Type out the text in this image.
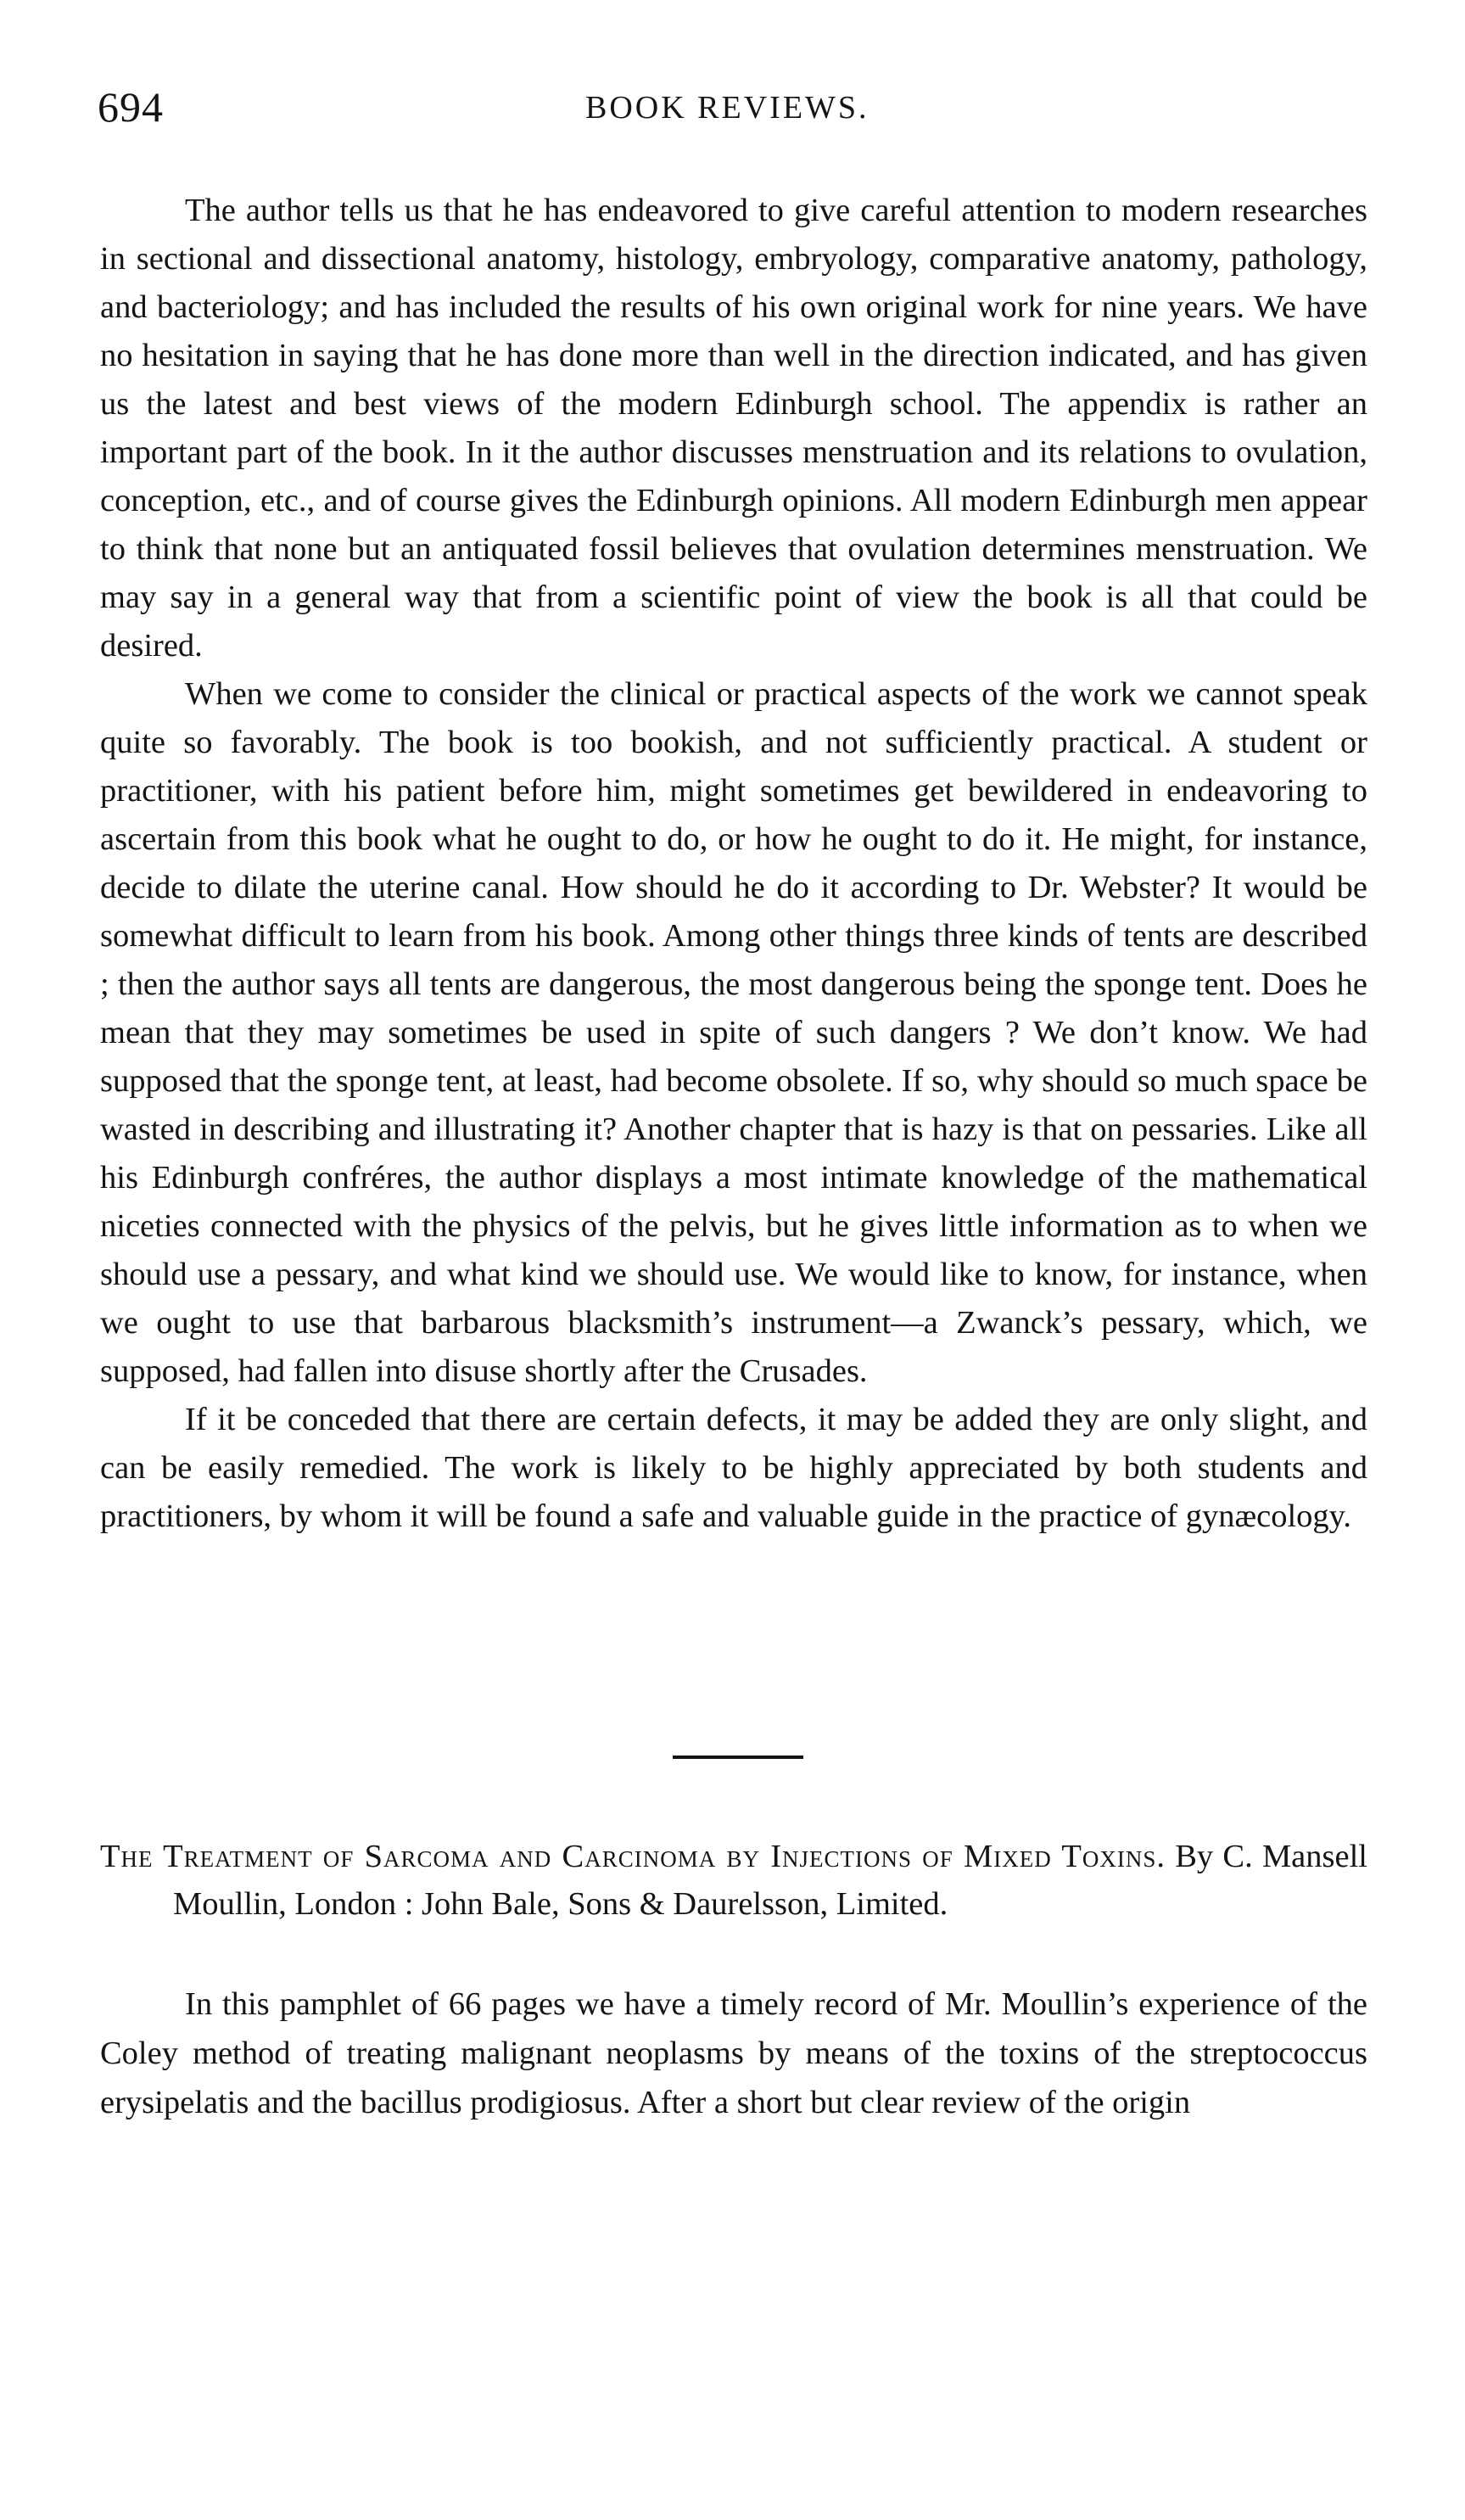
694	BOOK REVIEWS.

The author tells us that he has endeavored to give careful attention to modern researches in sectional and dissectional anatomy, histology, embryology, comparative anatomy, pathology, and bacteriology; and has included the results of his own original work for nine years. We have no hesitation in saying that he has done more than well in the direction indicated, and has given us the latest and best views of the modern Edinburgh school. The appendix is rather an important part of the book. In it the author discusses menstruation and its relations to ovulation, conception, etc., and of course gives the Edinburgh opinions. All modern Edinburgh men appear to think that none but an antiquated fossil believes that ovulation determines menstruation. We may say in a general way that from a scientific point of view the book is all that could be desired.

When we come to consider the clinical or practical aspects of the work we cannot speak quite so favorably. The book is too bookish, and not sufficiently practical. A student or practitioner, with his patient before him, might sometimes get bewildered in endeavoring to ascertain from this book what he ought to do, or how he ought to do it. He might, for instance, decide to dilate the uterine canal. How should he do it according to Dr. Webster? It would be somewhat difficult to learn from his book. Among other things three kinds of tents are described ; then the author says all tents are dangerous, the most dangerous being the sponge tent. Does he mean that they may sometimes be used in spite of such dangers ? We don’t know. We had supposed that the sponge tent, at least, had become obsolete. If so, why should so much space be wasted in describing and illustrating it? Another chapter that is hazy is that on pessaries. Like all his Edinburgh confréres, the author displays a most intimate knowledge of the mathematical niceties connected with the physics of the pelvis, but he gives little information as to when we should use a pessary, and what kind we should use. We would like to know, for instance, when we ought to use that barbarous blacksmith’s instrument—a Zwanck’s pessary, which, we supposed, had fallen into disuse shortly after the Crusades.

If it be conceded that there are certain defects, it may be added they are only slight, and can be easily remedied. The work is likely to be highly appreciated by both students and practitioners, by whom it will be found a safe and valuable guide in the practice of gynæcology.

The Treatment of Sarcoma and Carcinoma by Injections of Mixed Toxins. By C. Mansell Moullin, London : John Bale, Sons & Daurelsson, Limited.

In this pamphlet of 66 pages we have a timely record of Mr. Moullin’s experience of the Coley method of treating malignant neoplasms by means of the toxins of the streptococcus erysipelatis and the bacillus prodigiosus. After a short but clear review of the origin
